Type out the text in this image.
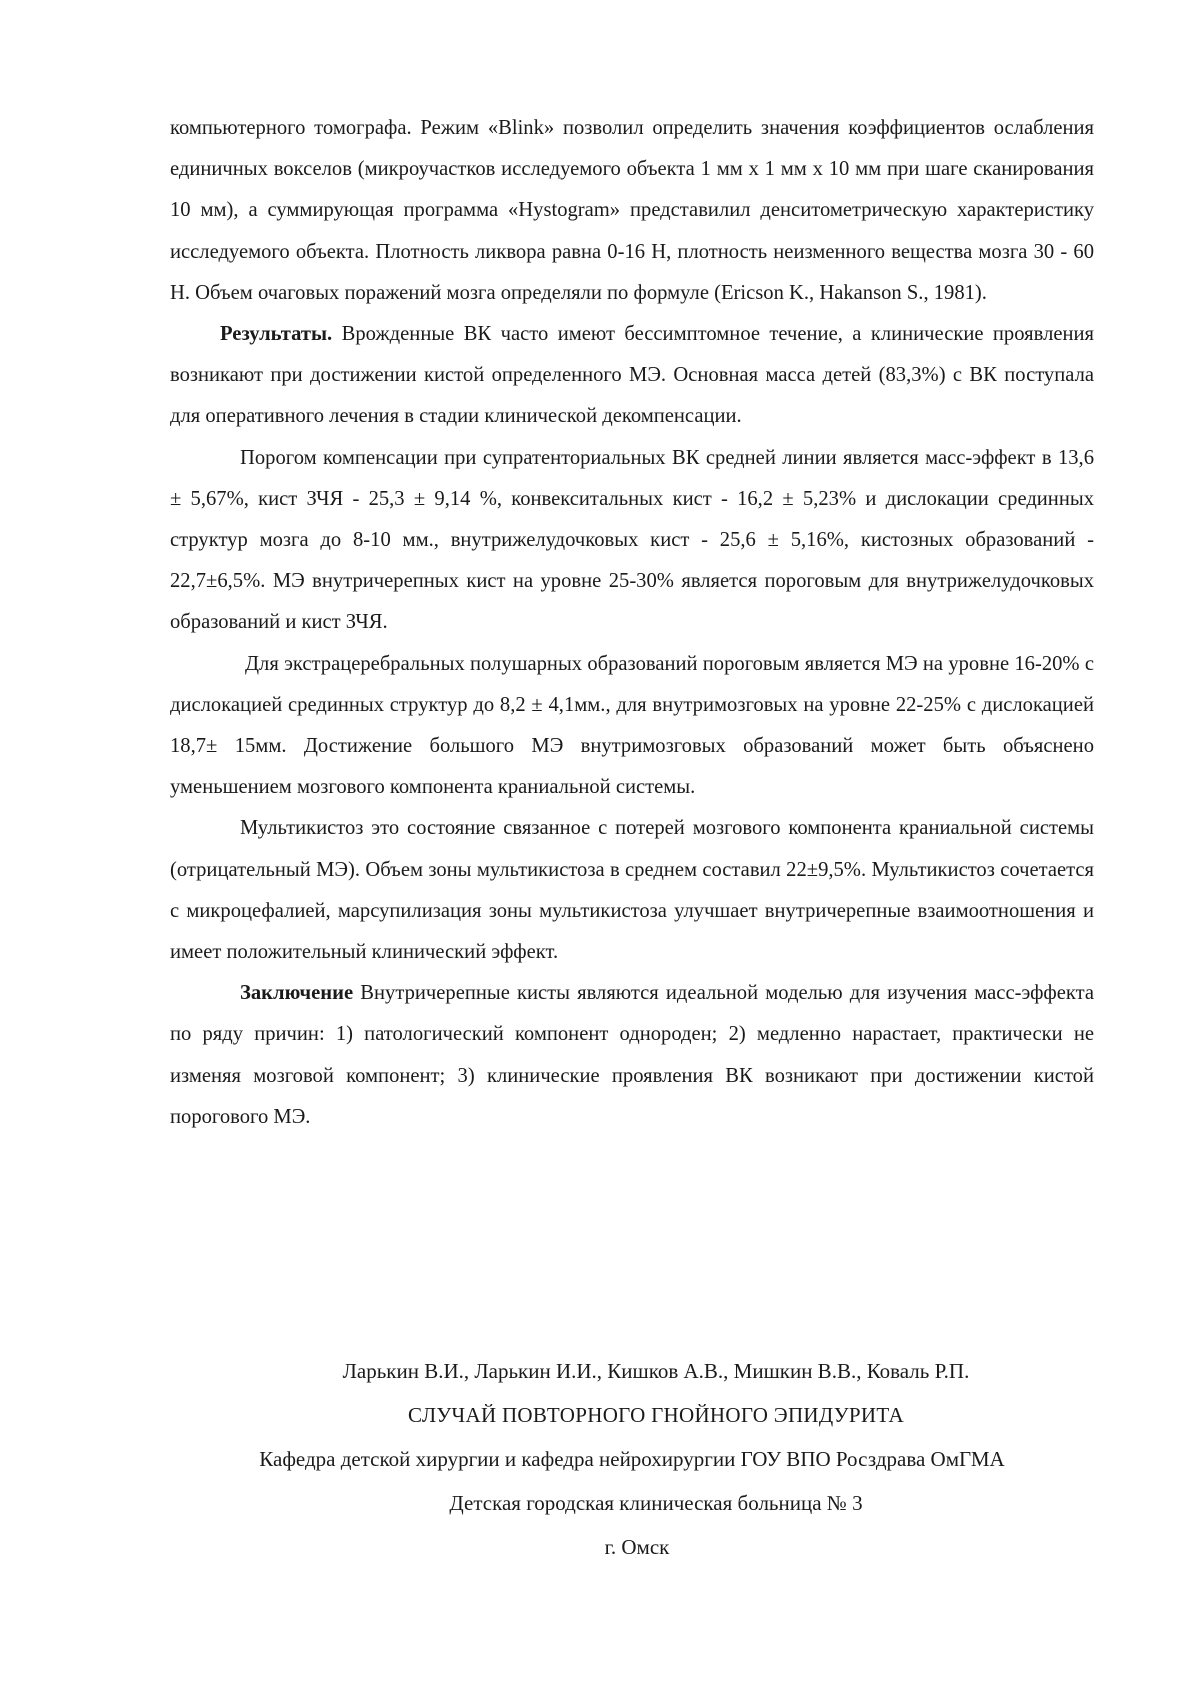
компьютерного томографа. Режим «Blink» позволил определить значения коэффициентов ослабления единичных вокселов (микроучастков исследуемого объекта 1 мм х 1 мм х 10 мм при шаге сканирования 10 мм), а суммирующая программа «Hystogram» представилил денситометрическую характеристику исследуемого объекта. Плотность ликвора равна 0-16 Н, плотность неизменного вещества мозга 30 - 60 Н. Объем очаговых поражений мозга определяли по формуле (Ericson K., Hakanson S., 1981).

Результаты. Врожденные ВК часто имеют бессимптомное течение, а клинические проявления возникают при достижении кистой определенного МЭ. Основная масса детей (83,3%) с ВК поступала для оперативного лечения в стадии клинической декомпенсации.

Порогом компенсации при супратенториальных ВК средней линии является масс-эффект в 13,6 ± 5,67%, кист ЗЧЯ - 25,3 ± 9,14 %, конвекситальных кист - 16,2 ± 5,23% и дислокации срединных структур мозга до 8-10 мм., внутрижелудочковых кист - 25,6 ± 5,16%, кистозных образований - 22,7±6,5%. МЭ внутричерепных кист на уровне 25-30% является пороговым для внутрижелудочковых образований и кист ЗЧЯ.

Для экстрацеребральных полушарных образований пороговым является МЭ на уровне 16-20% с дислокацией срединных структур до 8,2 ± 4,1мм., для внутримозговых на уровне 22-25% с дислокацией 18,7± 15мм. Достижение большого МЭ внутримозговых образований может быть объяснено уменьшением мозгового компонента краниальной системы.

Мультикистоз это состояние связанное с потерей мозгового компонента краниальной системы (отрицательный МЭ). Объем зоны мультикистоза в среднем составил 22±9,5%. Мультикистоз сочетается с микроцефалией, марсупилизация зоны мультикистоза улучшает внутричерепные взаимоотношения и имеет положительный клинический эффект.

Заключение Внутричерепные кисты являются идеальной моделью для изучения масс-эффекта по ряду причин: 1) патологический компонент однороден; 2) медленно нарастает, практически не изменяя мозговой компонент; 3) клинические проявления ВК возникают при достижении кистой порогового МЭ.

Ларькин В.И., Ларькин И.И., Кишков А.В., Мишкин В.В., Коваль Р.П.

СЛУЧАЙ ПОВТОРНОГО ГНОЙНОГО ЭПИДУРИТА

Кафедра детской хирургии и кафедра нейрохирургии ГОУ ВПО Росздрава ОмГМА

Детская городская клиническая больница № 3

г. Омск
